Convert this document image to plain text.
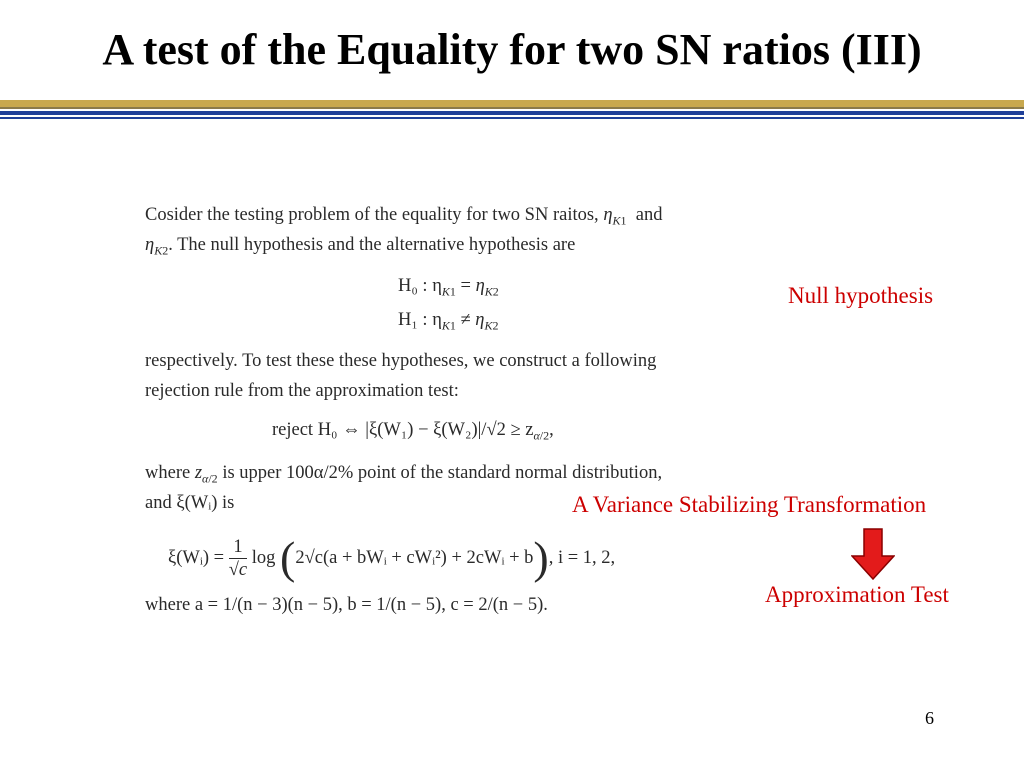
A test of the Equality for two SN ratios (III)
Cosider the testing problem of the equality for two SN raitos, $\eta_{K1}$ and
$\eta_{K2}$. The null hypothesis and the alternative hypothesis are
H₀ : $\eta_{K1} = \eta_{K2}$
H₁ : $\eta_{K1} \ne \eta_{K2}$
respectively. To test these these hypotheses, we construct a following
rejection rule from the approximation test:
reject H₀ ⇔ $|\xi(W_1) - \xi(W_2)|/√2 \ge z_{\alpha/2}$,
where $z_{\alpha/2}$ is upper 100α/2% point of the standard normal distribution,
and ξ(Wᵢ) is
ξ(Wᵢ) =
$\frac{1}{√c}$
log
( 2√c(a + bWᵢ + cWᵢ²) + 2cWᵢ + b ) , i = 1, 2,
where a = 1/(n − 3)(n − 5), b = 1/(n − 5), c = 2/(n − 5).
Null hypothesis
A Variance Stabilizing Transformation
Approximation Test
6
